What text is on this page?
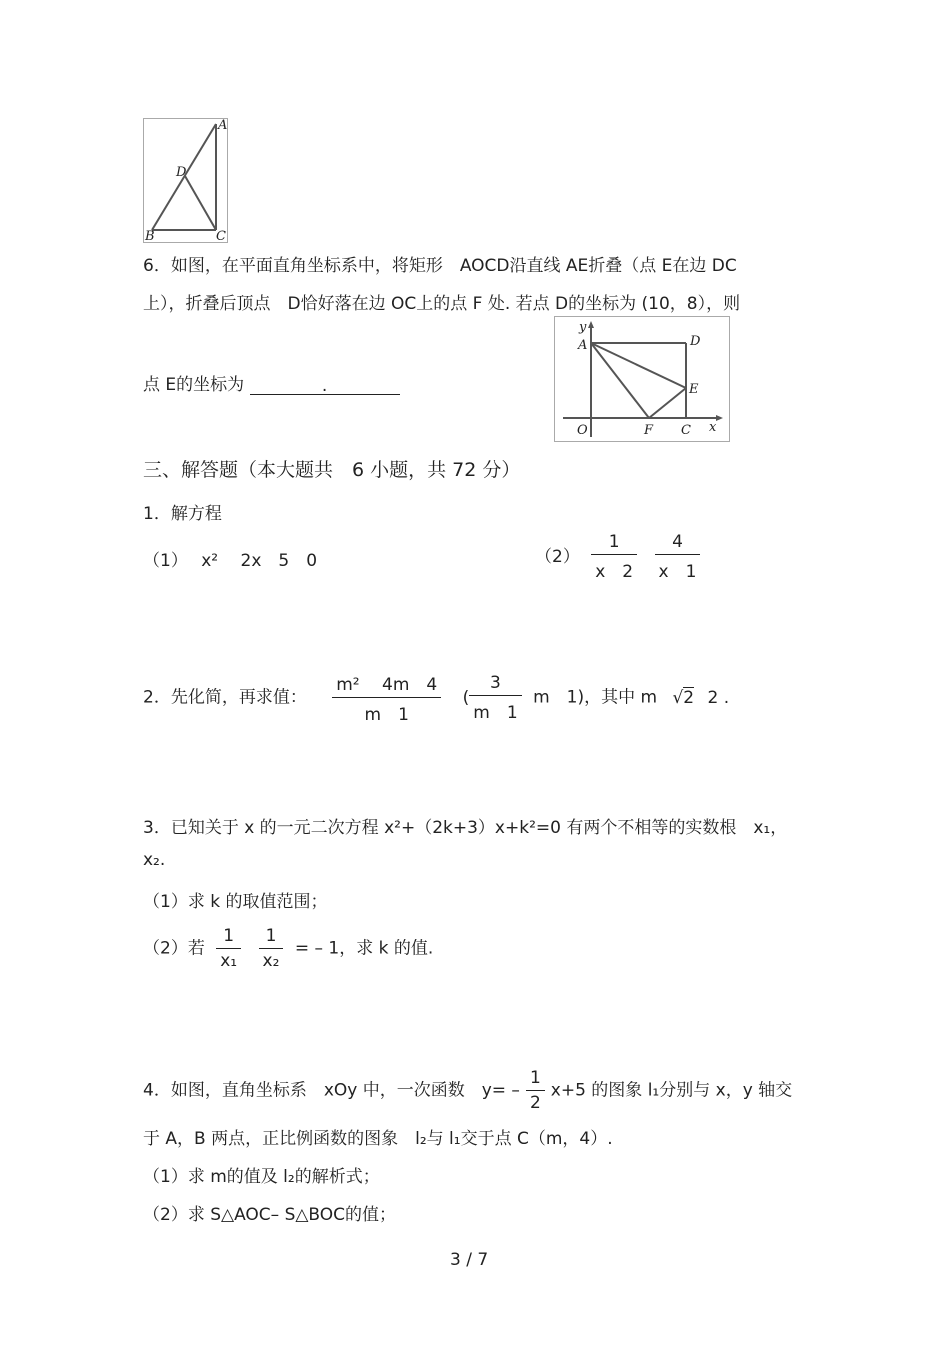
A
B	C
D
6．如图，在平面直角坐标系中，将矩形　AOCD沿直线 AE折叠（点 E在边 DC
上），折叠后顶点　D恰好落在边 OC上的点 F 处. 若点 D的坐标为 (10，8），则
点 E的坐标为	.
y
A	D
E
O	F C x
三、解答题（本大题共　6 小题，共 72 分）
1．解方程
（1） x² 　2x　5　0	$(2) \frac{1}{x 2}$
$\frac{4}{x 1}$
2．先化简，再求值： $\frac{\text{m² 　4m　4}}{m 1}$ ( $\frac{3}{m 1}$ m　1)，其中 m √2 2 .
3．已知关于 x 的一元二次方程 x²+（2k+3）x+k²=0 有两个不相等的实数根　x₁，
x₂.
（1）求 k 的取值范围；
（2）若 $\frac{1}{\text{x₁}}$
$\frac{1}{\text{x₂}}$ = – 1，求 k 的值.
4．如图，直角坐标系　xOy 中，一次函数　$y= - \frac{1}{2} x+5$ 的图象 l₁分别与 x，y 轴交
于 A，B 两点，正比例函数的图象　l₂与 l₁交于点 C（m，4）.
（1）求 m的值及 l₂的解析式；
（2）求 S△AOC– S△BOC的值；
3 / 7
